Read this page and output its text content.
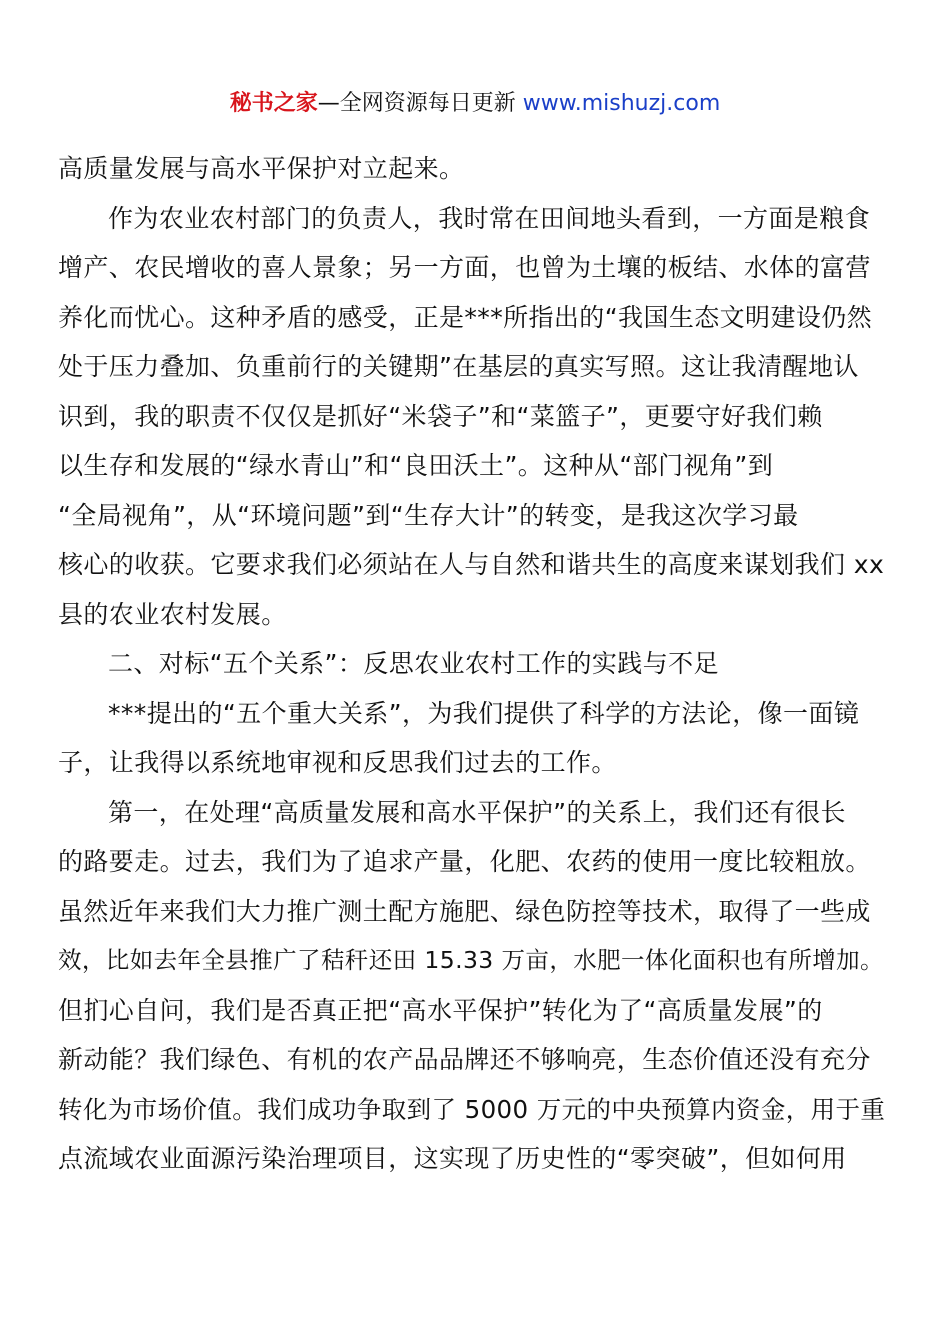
秘书之家—全网资源每日更新 www.mishuzj.com
高质量发展与高水平保护对立起来。
作为农业农村部门的负责人，我时常在田间地头看到，一方面是粮食
增产、农民增收的喜人景象；另一方面，也曾为土壤的板结、水体的富营
养化而忧心。这种矛盾的感受，正是***所指出的“我国生态文明建设仍然
处于压力叠加、负重前行的关键期”在基层的真实写照。这让我清醒地认
识到，我的职责不仅仅是抓好“米袋子”和“菜篮子”，更要守好我们赖
以生存和发展的“绿水青山”和“良田沃土”。这种从“部门视角”到
“全局视角”，从“环境问题”到“生存大计”的转变，是我这次学习最
核心的收获。它要求我们必须站在人与自然和谐共生的高度来谋划我们 xx
县的农业农村发展。
二、对标“五个关系”：反思农业农村工作的实践与不足
***提出的“五个重大关系”，为我们提供了科学的方法论，像一面镜
子，让我得以系统地审视和反思我们过去的工作。
第一，在处理“高质量发展和高水平保护”的关系上，我们还有很长
的路要走。过去，我们为了追求产量，化肥、农药的使用一度比较粗放。
虽然近年来我们大力推广测土配方施肥、绿色防控等技术，取得了一些成
效，比如去年全县推广了秸秆还田 15.33 万亩，水肥一体化面积也有所增加。
但扪心自问，我们是否真正把“高水平保护”转化为了“高质量发展”的
新动能？我们绿色、有机的农产品品牌还不够响亮，生态价值还没有充分
转化为市场价值。我们成功争取到了 5000 万元的中央预算内资金，用于重
点流域农业面源污染治理项目，这实现了历史性的“零突破”，但如何用
